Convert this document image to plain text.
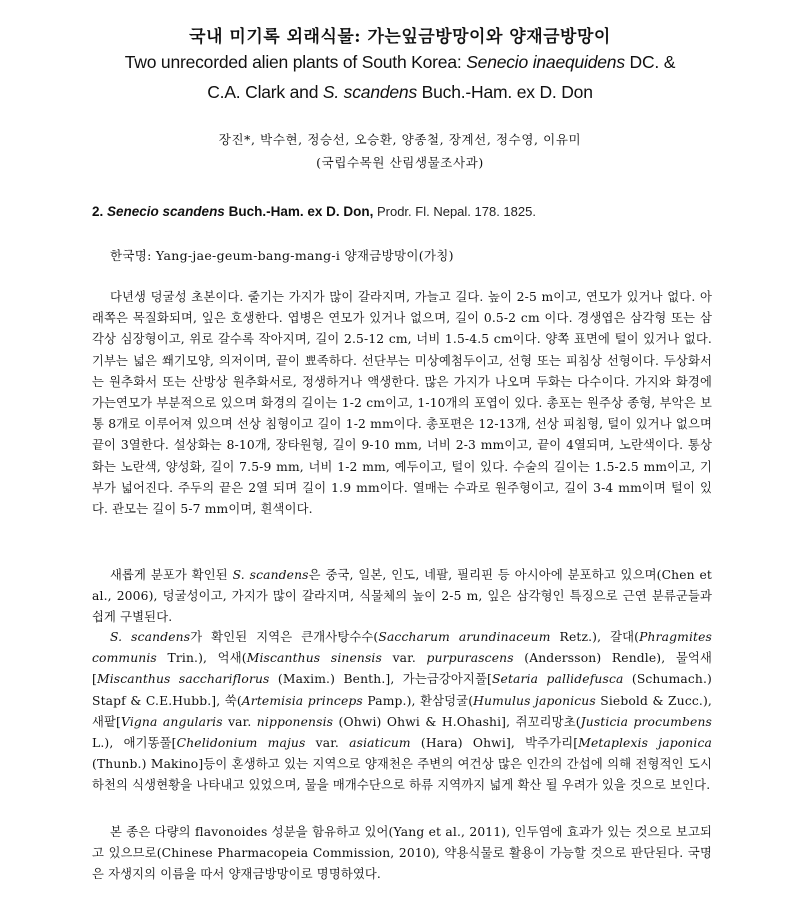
국내 미기록 외래식물: 가는잎금방망이와 양재금방망이
Two unrecorded alien plants of South Korea: Senecio inaequidens DC. &
C.A. Clark and S. scandens Buch.-Ham. ex D. Don
장진*, 박수현, 정승선, 오승환, 양종철, 장계선, 정수영, 이유미
(국립수목원 산림생물조사과)
2. Senecio scandens Buch.-Ham. ex D. Don, Prodr. Fl. Nepal. 178. 1825.
한국명: Yang-jae-geum-bang-mang-i 양재금방망이(가칭)

다년생 덩굴성 초본이다. 줄기는 가지가 많이 갈라지며, 가늘고 길다. 높이 2-5 m이고, 연모가 있거나 없다. 아래쪽은 목질화되며, 잎은 호생한다. 엽병은 연모가 있거나 없으며, 길이 0.5-2 cm 이다. 경생엽은 삼각형 또는 삼각상 심장형이고, 위로 갈수록 작아지며, 길이 2.5-12 cm, 너비 1.5-4.5 cm이다. 양쪽 표면에 털이 있거나 없다. 기부는 넓은 쐐기모양, 의저이며, 끝이 뾰족하다. 선단부는 미상예첨두이고, 선형 또는 피침상 선형이다. 두상화서는 원추화서 또는 산방상 원추화서로, 정생하거나 액생한다. 많은 가지가 나오며 두화는 다수이다. 가지와 화경에 가는연모가 부분적으로 있으며 화경의 길이는 1-2 cm이고, 1-10개의 포엽이 있다. 총포는 원주상 종형, 부악은 보통 8개로 이루어져 있으며 선상 침형이고 길이 1-2 mm이다. 총포편은 12-13개, 선상 피침형, 털이 있거나 없으며 끝이 3열한다. 설상화는 8-10개, 장타원형, 길이 9-10 mm, 너비 2-3 mm이고, 끝이 4열되며, 노란색이다. 통상화는 노란색, 양성화, 길이 7.5-9 mm, 너비 1-2 mm, 예두이고, 털이 있다. 수술의 길이는 1.5-2.5 mm이고, 기부가 넓어진다. 주두의 끝은 2열 되며 길이 1.9 mm이다. 열매는 수과로 원주형이고, 길이 3-4 mm이며 털이 있다. 관모는 길이 5-7 mm이며, 흰색이다.

새롭게 분포가 확인된 S. scandens은 중국, 일본, 인도, 네팔, 필리핀 등 아시아에 분포하고 있으며(Chen et al., 2006), 덩굴성이고, 가지가 많이 갈라지며, 식물체의 높이 2-5 m, 잎은 삼각형인 특징으로 근연 분류군들과 쉽게 구별된다.

S. scandens가 확인된 지역은 큰개사탕수수(Saccharum arundinaceum Retz.), 갈대(Phragmites communis Trin.), 억새(Miscanthus sinensis var. purpurascens (Andersson) Rendle), 물억새[Miscanthus sacchariflorus (Maxim.) Benth.], 가는금강아지풀[Setaria pallidefusca (Schumach.) Stapf & C.E.Hubb.], 쑥(Artemisia princeps Pamp.), 환삼덩굴(Humulus japonicus Siebold & Zucc.), 새팥[Vigna angularis var. nipponensis (Ohwi) Ohwi & H.Ohashi], 쥐꼬리망초(Justicia procumbens L.), 애기똥풀[Chelidonium majus var. asiaticum (Hara) Ohwi], 박주가리[Metaplexis japonica (Thunb.) Makino]등이 혼생하고 있는 지역으로 양재천은 주변의 여건상 많은 인간의 간섭에 의해 전형적인 도시하천의 식생현황을 나타내고 있었으며, 물을 매개수단으로 하류 지역까지 넓게 확산 될 우려가 있을 것으로 보인다.

본 종은 다량의 flavonoides 성분을 함유하고 있어(Yang et al., 2011), 인두염에 효과가 있는 것으로 보고되고 있으므로(Chinese Pharmacopeia Commission, 2010), 약용식물로 활용이 가능할 것으로 판단된다. 국명은 자생지의 이름을 따서 양재금방망이로 명명하였다.
